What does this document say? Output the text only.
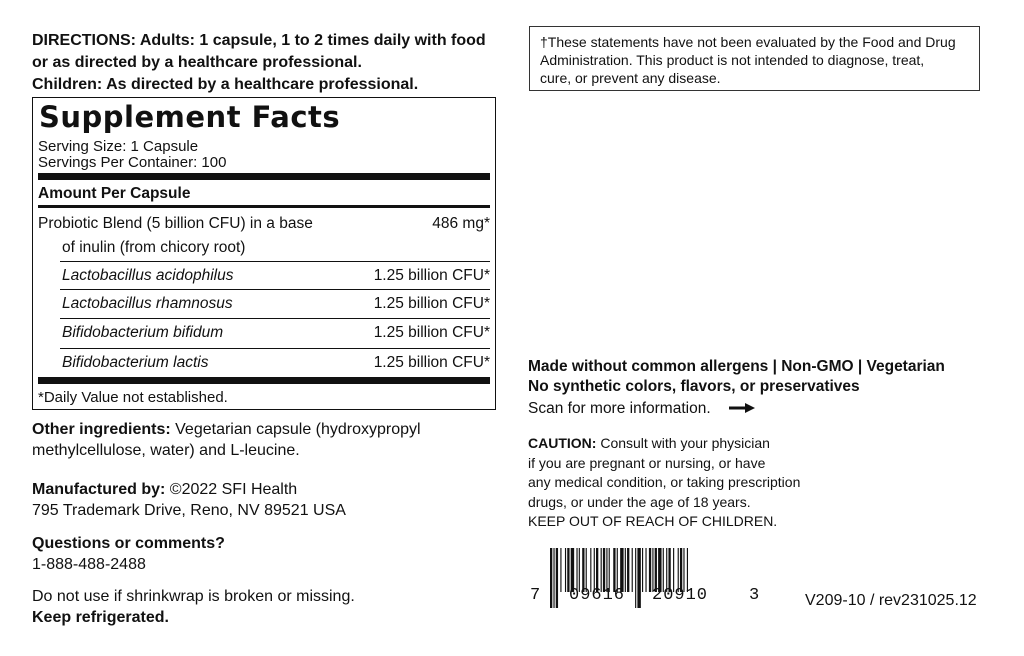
DIRECTIONS: Adults: 1 capsule, 1 to 2 times daily with food
or as directed by a healthcare professional.
Children: As directed by a healthcare professional.
Supplement Facts
Serving Size: 1 Capsule
Servings Per Container: 100
Amount Per Capsule
Probiotic Blend (5 billion CFU) in a base	486 mg*
of inulin (from chicory root)
Lactobacillus acidophilus	1.25 billion CFU*
Lactobacillus rhamnosus	1.25 billion CFU*
Bifidobacterium bifidum	1.25 billion CFU*
Bifidobacterium lactis	1.25 billion CFU*
*Daily Value not established.
Other ingredients: Vegetarian capsule (hydroxypropyl
methylcellulose, water) and L-leucine.
Manufactured by: ©2022 SFI Health
795 Trademark Drive, Reno, NV 89521 USA
Questions or comments?
1-888-488-2488
Do not use if shrinkwrap is broken or missing.
Keep refrigerated.
†These statements have not been evaluated by the Food and Drug
Administration. This product is not intended to diagnose, treat,
cure, or prevent any disease.
Made without common allergens | Non-GMO | Vegetarian
No synthetic colors, flavors, or preservatives
Scan for more information.
CAUTION: Consult with your physician
if you are pregnant or nursing, or have
any medical condition, or taking prescription
drugs, or under the age of 18 years.
KEEP OUT OF REACH OF CHILDREN.
7 09616 20910 3	V209-10 / rev231025.12
